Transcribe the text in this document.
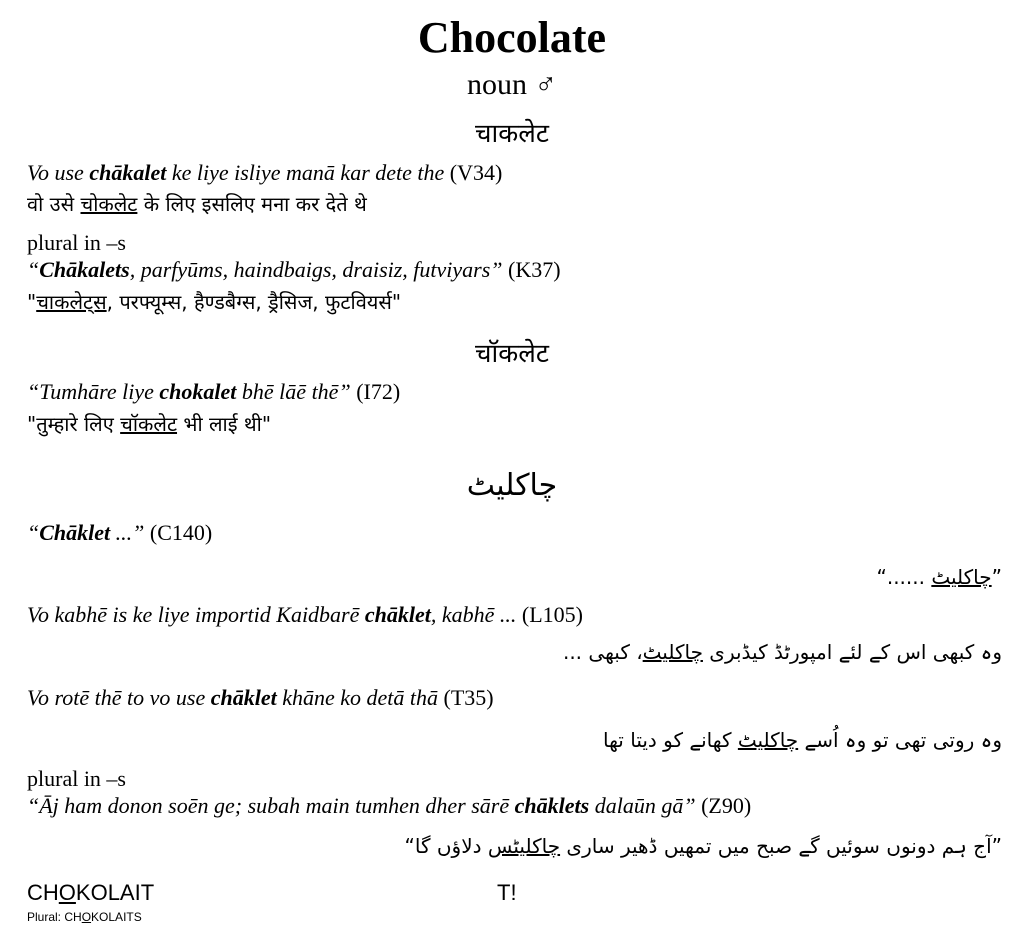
Chocolate
noun ♂
चाकलेट
Vo use chākalet ke liye isliye manā kar dete the (V34)
वो उसे चोकलेट के लिए इसलिए मना कर देते थे
plural in –s
“Chākalets, parfyūms, haindbaigs, draisiz, futviyars” (K37)
"चाकलेट्स, परफ्यूम्स, हैण्डबैग्स, ड्रैसिज, फुटवियर्स"
चॉकलेट
“Tumhāre liye chokalet bhē lāē thē” (I72)
"तुम्हारे लिए चॉकलेट भी लाई थी"
چاکلیٹ
“Chāklet ...” (C140)
”چاکلیٹ ......“
Vo kabhē is ke liye importid Kaidbarē chāklet, kabhē ... (L105)
وہ کبھی اس کے لئے امپورٹڈ کیڈبری چاکلیٹ، کبھی ...
Vo rotē thē to vo use chāklet khāne ko detā thā (T35)
وہ روتی تھی تو وہ اُسے چاکلیٹ کھانے کو دیتا تھا
plural in –s
“Āj ham donon soēn ge; subah main tumhen dher sārē chāklets dalaūn gā” (Z90)
”آج ہم دونوں سوئیں گے صبح میں تمھیں ڈھیر ساری چاکلیٹس دلاؤں گا“
CHOKOLAIT	T!
Plural: CHOKOLAITS
